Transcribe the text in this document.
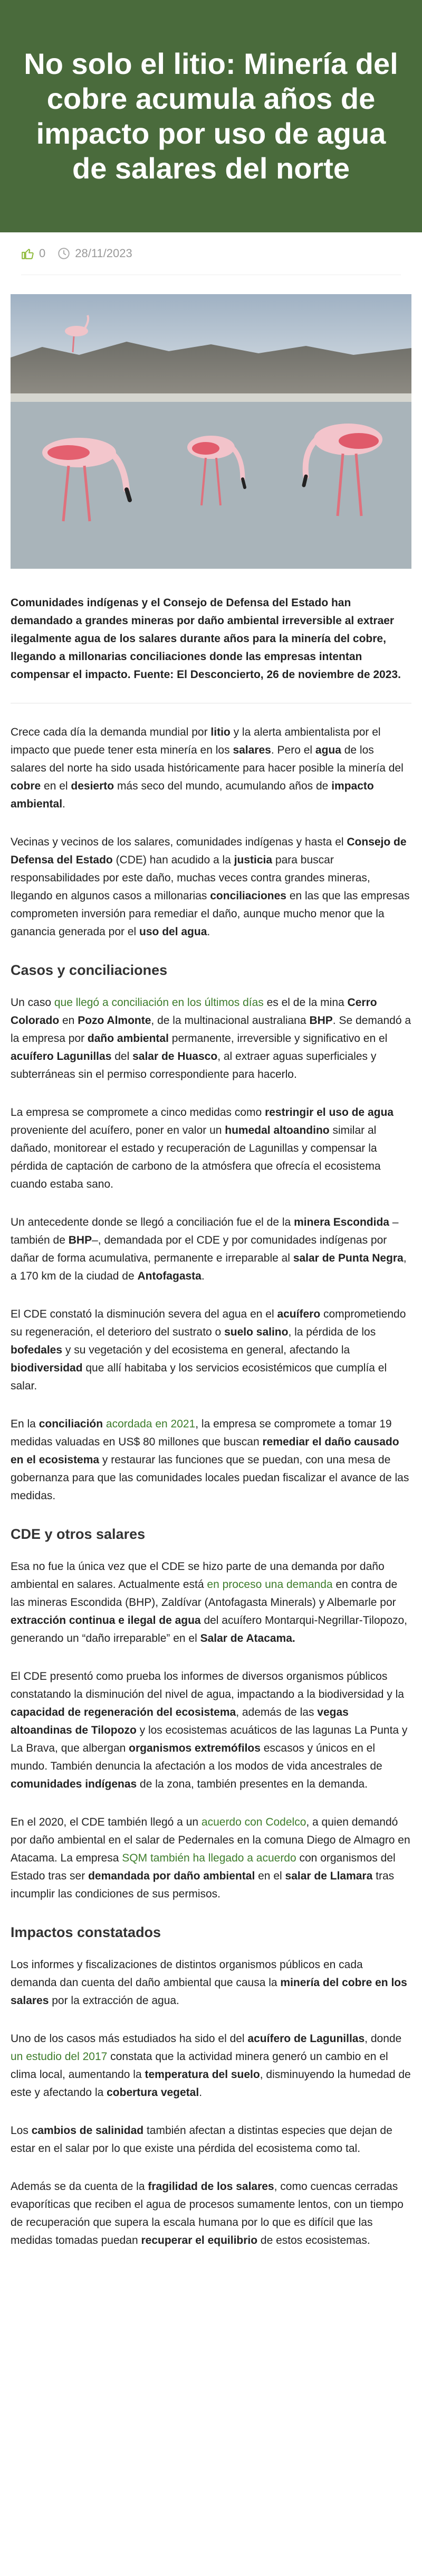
No solo el litio: Minería del cobre acumula años de impacto por uso de agua de salares del norte
0	28/11/2023

Comunidades indígenas y el Consejo de Defensa del Estado han demandado a grandes mineras por daño ambiental irreversible al extraer ilegalmente agua de los salares durante años para la minería del cobre, llegando a millonarias conciliaciones donde las empresas intentan compensar el impacto. Fuente: El Desconcierto, 26 de noviembre de 2023.

Crece cada día la demanda mundial por litio y la alerta ambientalista por el impacto que puede tener esta minería en los salares. Pero el agua de los salares del norte ha sido usada históricamente para hacer posible la minería del cobre en el desierto más seco del mundo, acumulando años de impacto ambiental.

Vecinas y vecinos de los salares, comunidades indígenas y hasta el Consejo de Defensa del Estado (CDE) han acudido a la justicia para buscar responsabilidades por este daño, muchas veces contra grandes mineras, llegando en algunos casos a millonarias conciliaciones en las que las empresas comprometen inversión para remediar el daño, aunque mucho menor que la ganancia generada por el uso del agua.

Casos y conciliaciones

Un caso que llegó a conciliación en los últimos días es el de la mina Cerro Colorado en Pozo Almonte, de la multinacional australiana BHP. Se demandó a la empresa por daño ambiental permanente, irreversible y significativo en el acuífero Lagunillas del salar de Huasco, al extraer aguas superficiales y subterráneas sin el permiso correspondiente para hacerlo.

La empresa se compromete a cinco medidas como restringir el uso de agua proveniente del acuífero, poner en valor un humedal altoandino similar al dañado, monitorear el estado y recuperación de Lagunillas y compensar la pérdida de captación de carbono de la atmósfera que ofrecía el ecosistema cuando estaba sano.

Un antecedente donde se llegó a conciliación fue el de la minera Escondida –también de BHP–, demandada por el CDE y por comunidades indígenas por dañar de forma acumulativa, permanente e irreparable al salar de Punta Negra, a 170 km de la ciudad de Antofagasta.

El CDE constató la disminución severa del agua en el acuífero comprometiendo su regeneración, el deterioro del sustrato o suelo salino, la pérdida de los bofedales y su vegetación y del ecosistema en general, afectando la biodiversidad que allí habitaba y los servicios ecosistémicos que cumplía el salar.

En la conciliación acordada en 2021, la empresa se compromete a tomar 19 medidas valuadas en US$ 80 millones que buscan remediar el daño causado en el ecosistema y restaurar las funciones que se puedan, con una mesa de gobernanza para que las comunidades locales puedan fiscalizar el avance de las medidas.

CDE y otros salares

Esa no fue la única vez que el CDE se hizo parte de una demanda por daño ambiental en salares. Actualmente está en proceso una demanda en contra de las mineras Escondida (BHP), Zaldívar (Antofagasta Minerals) y Albemarle por extracción continua e ilegal de agua del acuífero Montarqui-Negrillar-Tilopozo, generando un “daño irreparable” en el Salar de Atacama.

El CDE presentó como prueba los informes de diversos organismos públicos constatando la disminución del nivel de agua, impactando a la biodiversidad y la capacidad de regeneración del ecosistema, además de las vegas altoandinas de Tilopozo y los ecosistemas acuáticos de las lagunas La Punta y La Brava, que albergan organismos extremófilos escasos y únicos en el mundo. También denuncia la afectación a los modos de vida ancestrales de comunidades indígenas de la zona, también presentes en la demanda.

En el 2020, el CDE también llegó a un acuerdo con Codelco, a quien demandó por daño ambiental en el salar de Pedernales en la comuna Diego de Almagro en Atacama. La empresa SQM también ha llegado a acuerdo con organismos del Estado tras ser demandada por daño ambiental en el salar de Llamara tras incumplir las condiciones de sus permisos.

Impactos constatados

Los informes y fiscalizaciones de distintos organismos públicos en cada demanda dan cuenta del daño ambiental que causa la minería del cobre en los salares por la extracción de agua.

Uno de los casos más estudiados ha sido el del acuífero de Lagunillas, donde un estudio del 2017 constata que la actividad minera generó un cambio en el clima local, aumentando la temperatura del suelo, disminuyendo la humedad de este y afectando la cobertura vegetal.

Los cambios de salinidad también afectan a distintas especies que dejan de estar en el salar por lo que existe una pérdida del ecosistema como tal.

Además se da cuenta de la fragilidad de los salares, como cuencas cerradas evaporíticas que reciben el agua de procesos sumamente lentos, con un tiempo de recuperación que supera la escala humana por lo que es difícil que las medidas tomadas puedan recuperar el equilibrio de estos ecosistemas.
